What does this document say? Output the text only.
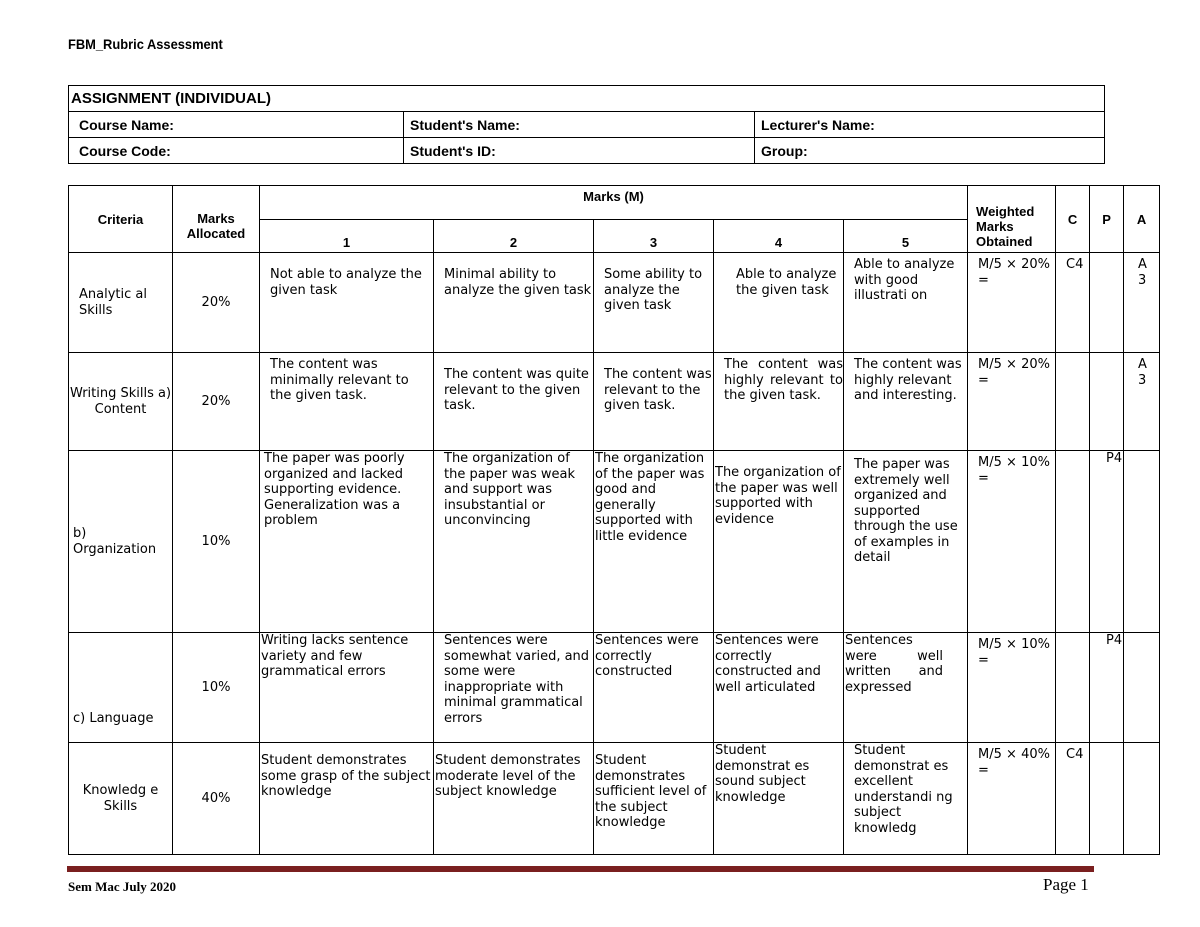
FBM_Rubric Assessment
ASSIGNMENT (INDIVIDUAL)		
Course Name:	Student's Name:	Lecturer's Name:
Course Code:	Student's ID:	Group:
Criteria	Marks Allocated	Marks (M)					Weighted Marks Obtained	C	P	A
		1	2	3	4	5				
Analytic al Skills	20%	Not able to analyze the given task	Minimal ability to analyze the given task	Some ability to analyze the given task	Able to analyze the given task	Able to analyze with good illustrati on	M/5 × 20% =	C4		A 3
Writing Skills a) Content	20%	The content was minimally relevant to the given task.	The content was quite relevant to the given task.	The content was relevant to the given task.	The content was highly relevant to the given task.	The content was highly relevant and interesting.	M/5 × 20% =			A 3
b) Organization	10%	The paper was poorly organized and lacked supporting evidence. Generalization was a problem	The organization of the paper was weak and support was insubstantial or unconvincing	The organization of the paper was good and generally supported with little evidence	The organization of the paper was well supported with evidence	The paper was extremely well organized and supported through the use of examples in detail	M/5 × 10% =		P4	
c) Language	10%	Writing lacks sentence variety and few grammatical errors	Sentences were somewhat varied, and some were inappropriate with minimal grammatical errors	Sentences were correctly constructed	Sentences were correctly constructed and well articulated	Sentences were well written and expressed	M/5 × 10% =		P4	
Knowledg e Skills	40%	Student demonstrates some grasp of the subject knowledge	Student demonstrates moderate level of the subject knowledge	Student demonstrates sufficient level of the subject knowledge	Student demonstrat es sound subject knowledge	Student demonstrat es excellent understandi ng subject knowledg	M/5 × 40% =	C4		
Sem Mac July 2020	Page 1
